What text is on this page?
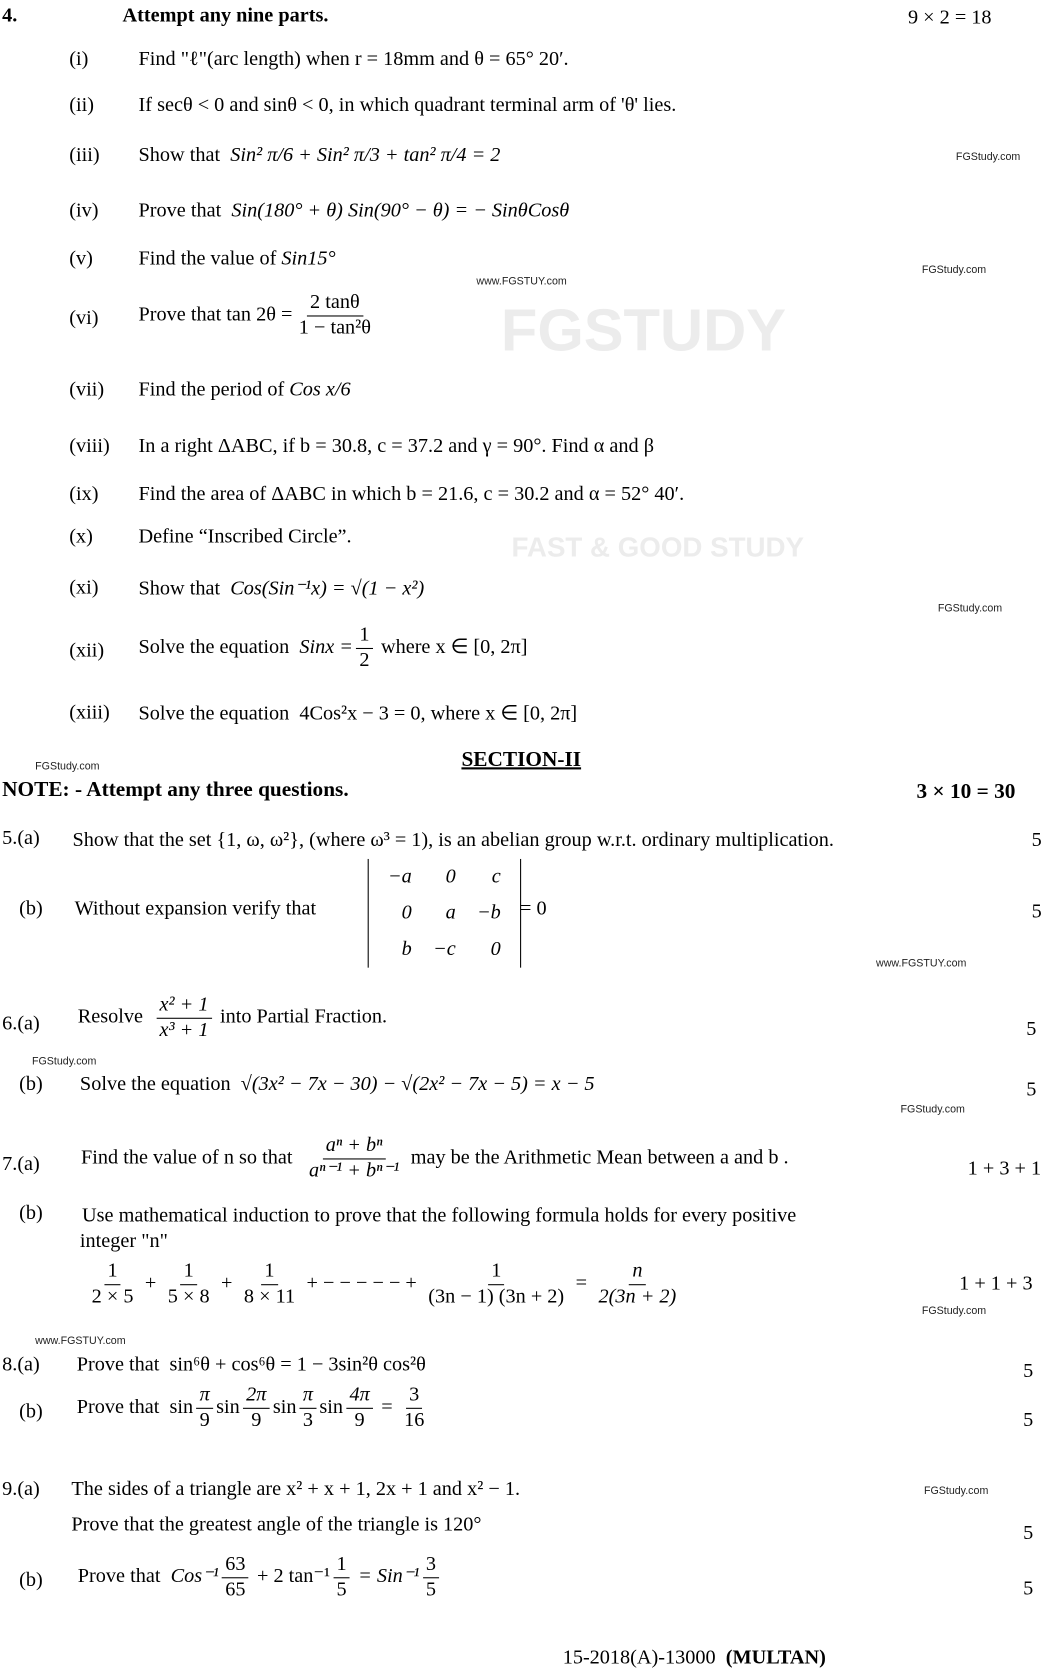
FGSTUDY
FAST & GOOD STUDY
4.	Attempt any nine parts.	9 × 2 = 18
(i)	Find "ℓ"(arc length) when r = 18mm and θ = 65° 20′.
(ii) If secθ < 0 and sinθ < 0, in which quadrant terminal arm of 'θ' lies.
(iii) Show that Sin² π/6 + Sin² π/3 + tan² π/4 = 2
(iv) Prove that Sin(180° + θ) Sin(90° − θ) = − SinθCosθ
(v) Find the value of Sin15°
(vi) Prove that $\tan 2\theta = \frac{2 \tan\theta}{\text{1 − tan²θ}}$
(vii) Find the period of Cos x/6
(viii) In a right ΔABC, if b = 30.8, c = 37.2 and γ = 90°. Find α and β
(ix) Find the area of ΔABC in which b = 21.6, c = 30.2 and α = 52° 40′.
(x) Define “Inscribed Circle”.
(xi) Show that Cos(Sin⁻¹x) = √(1 − x²)
(xii) Solve the equation Sinx = $\frac{1}{2}$ where x ∈ [0, 2π]
(xiii) Solve the equation 4Cos²x − 3 = 0, where x ∈ [0, 2π]
SECTION-II
NOTE: - Attempt any three questions.	3 × 10 = 30
5.(a) Show that the set {1, ω, ω²}, (where ω³ = 1), is an abelian group w.r.t. ordinary multiplication.	5
(b) Without expansion verify that
−a	0	c
0	a	−b
b	−c	0
= 0	5
6.(a) Resolve $\frac{\text{x² + 1}}{\text{x³ + 1}}$ into Partial Fraction.
5
(b) Solve the equation √(3x² − 7x − 30) − √(2x² − 7x − 5) = x − 5	5
7.(a) Find the value of n so that $\frac{\text{aⁿ + bⁿ}}{\text{aⁿ⁻¹ + bⁿ⁻¹}}$ may be the Arithmetic Mean between a and b .	1 + 3 + 1
(b) Use mathematical induction to prove that the following formula holds for every positive
integer "n"
$\frac{1}{2 \times 5} + \frac{1}{5 \times 8} + \frac{1}{8 \times 11}$ + − − − − − + $\frac{1}{(3n - 1) (3n + 2)} = \frac{n}{2(3n + 2)}$	1 + 1 + 3
8.(a) Prove that sin⁶θ + cos⁶θ = 1 − 3sin²θ cos²θ	5
(b) Prove that $\sin \frac{\pi}{9}$ $\sin \frac{2\pi}{9}$ $\sin \frac{\pi}{3}$ $\sin \frac{4\pi}{9} = \frac{3}{16}$	5
9.(a) The sides of a triangle are x² + x + 1, 2x + 1 and x² − 1.
Prove that the greatest angle of the triangle is 120°	5
(b) Prove that $Cos^{-1} \frac{63}{65} + 2$ $\tan^{-1} \frac{1}{5} = Sin^{-1} \frac{3}{5}$	5
15-2018(A)-13000 (MULTAN)
FGStudy.com
FGStudy.com
www.FGSTUY.com
FGStudy.com
FGStudy.com
www.FGSTUY.com
FGStudy.com
FGStudy.com
FGStudy.com
www.FGSTUY.com
FGStudy.com
